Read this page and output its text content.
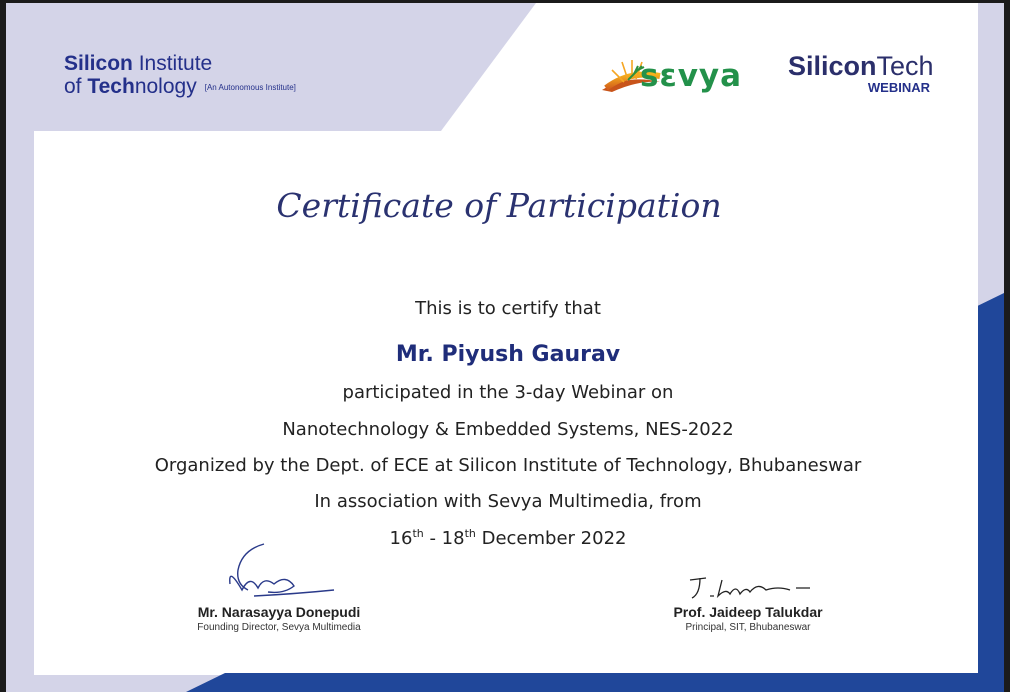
Silicon Institute
of Technology [An Autonomous Institute]	sεvya SiliconTech
WEBINAR
Certificate of Participation
This is to certify that
Mr. Piyush Gaurav
participated in the 3-day Webinar on
Nanotechnology & Embedded Systems, NES-2022
Organized by the Dept. of ECE at Silicon Institute of Technology, Bhubaneswar
In association with Sevya Multimedia, from
16th - 18th December 2022
Mr. Narasayya Donepudi
Founding Director, Sevya Multimedia
Prof. Jaideep Talukdar
Principal, SIT, Bhubaneswar
